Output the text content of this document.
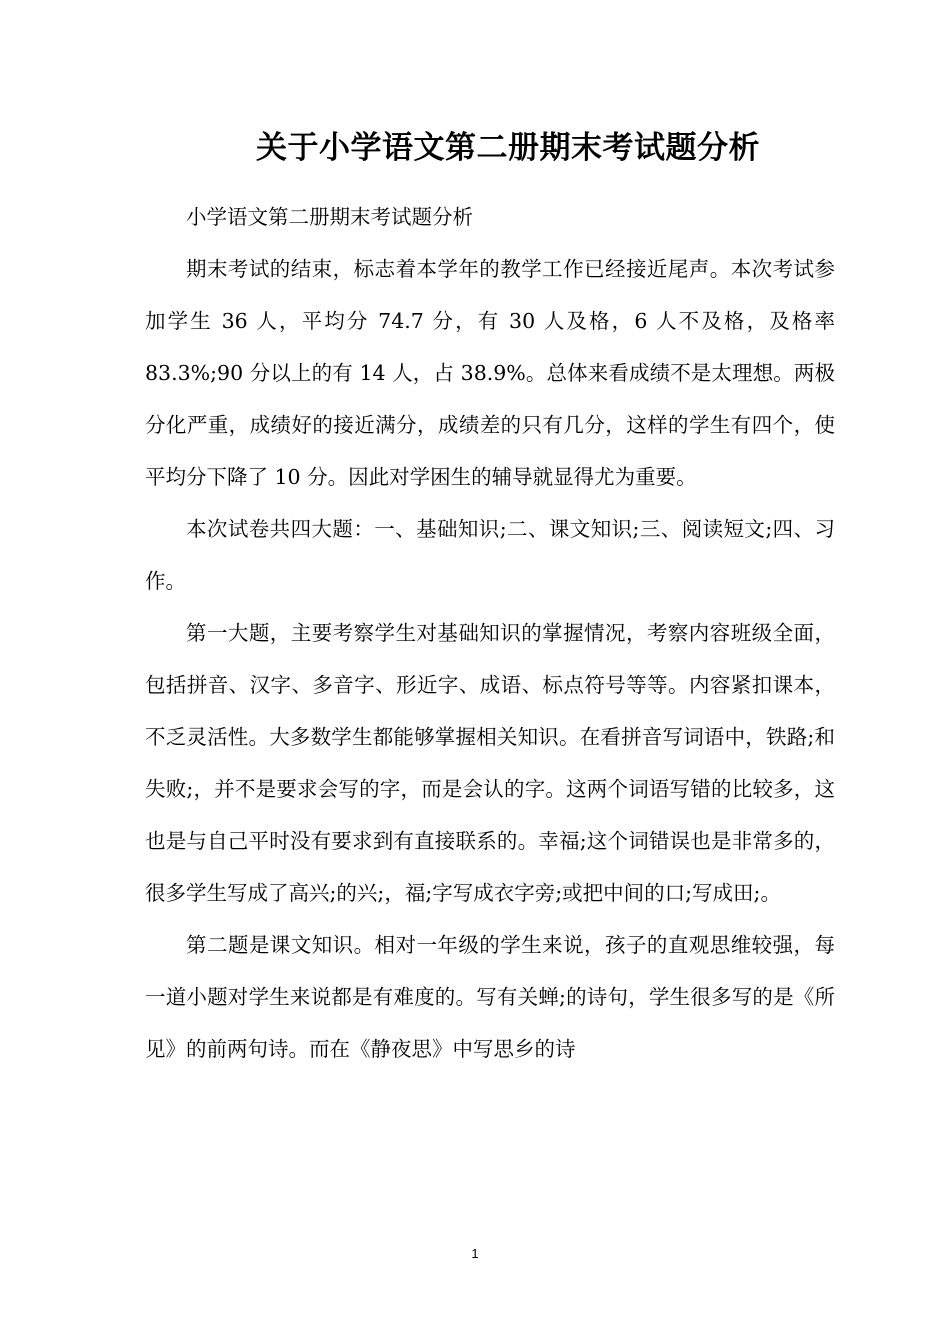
关于小学语文第二册期末考试题分析

小学语文第二册期末考试题分析

期末考试的结束，标志着本学年的教学工作已经接近尾声。本次考试参加学生 36 人，平均分 74.7 分，有 30 人及格，6 人不及格，及格率 83.3%;90 分以上的有 14 人，占 38.9%。总体来看成绩不是太理想。两极分化严重，成绩好的接近满分，成绩差的只有几分，这样的学生有四个，使平均分下降了 10 分。因此对学困生的辅导就显得尤为重要。

本次试卷共四大题：一、基础知识;二、课文知识;三、阅读短文;四、习作。

第一大题，主要考察学生对基础知识的掌握情况，考察内容班级全面，包括拼音、汉字、多音字、形近字、成语、标点符号等等。内容紧扣课本，不乏灵活性。大多数学生都能够掌握相关知识。在看拼音写词语中，铁路;和失败;，并不是要求会写的字，而是会认的字。这两个词语写错的比较多，这也是与自己平时没有要求到有直接联系的。幸福;这个词错误也是非常多的，很多学生写成了高兴;的兴;，福;字写成衣字旁;或把中间的口;写成田;。

第二题是课文知识。相对一年级的学生来说，孩子的直观思维较强，每一道小题对学生来说都是有难度的。写有关蝉;的诗句，学生很多写的是《所见》的前两句诗。而在《静夜思》中写思乡的诗

1
